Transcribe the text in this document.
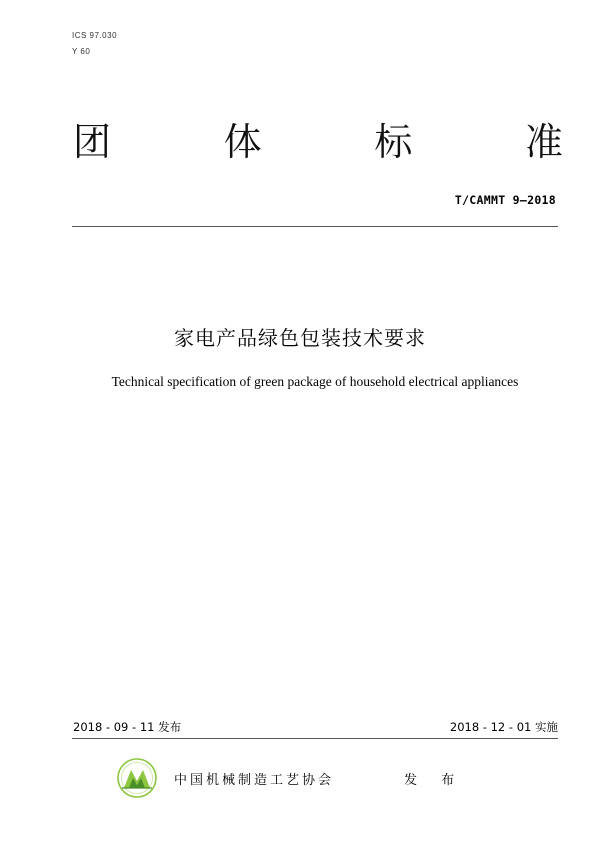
ICS 97.030
Y 60
团	体	标	准
T/CAMMT 9—2018
家电产品绿色包装技术要求
Technical specification of green package of household electrical appliances
2018 - 09 - 11 发布	2018 - 12 - 01 实施
中国机械制造工艺协会	发 布
